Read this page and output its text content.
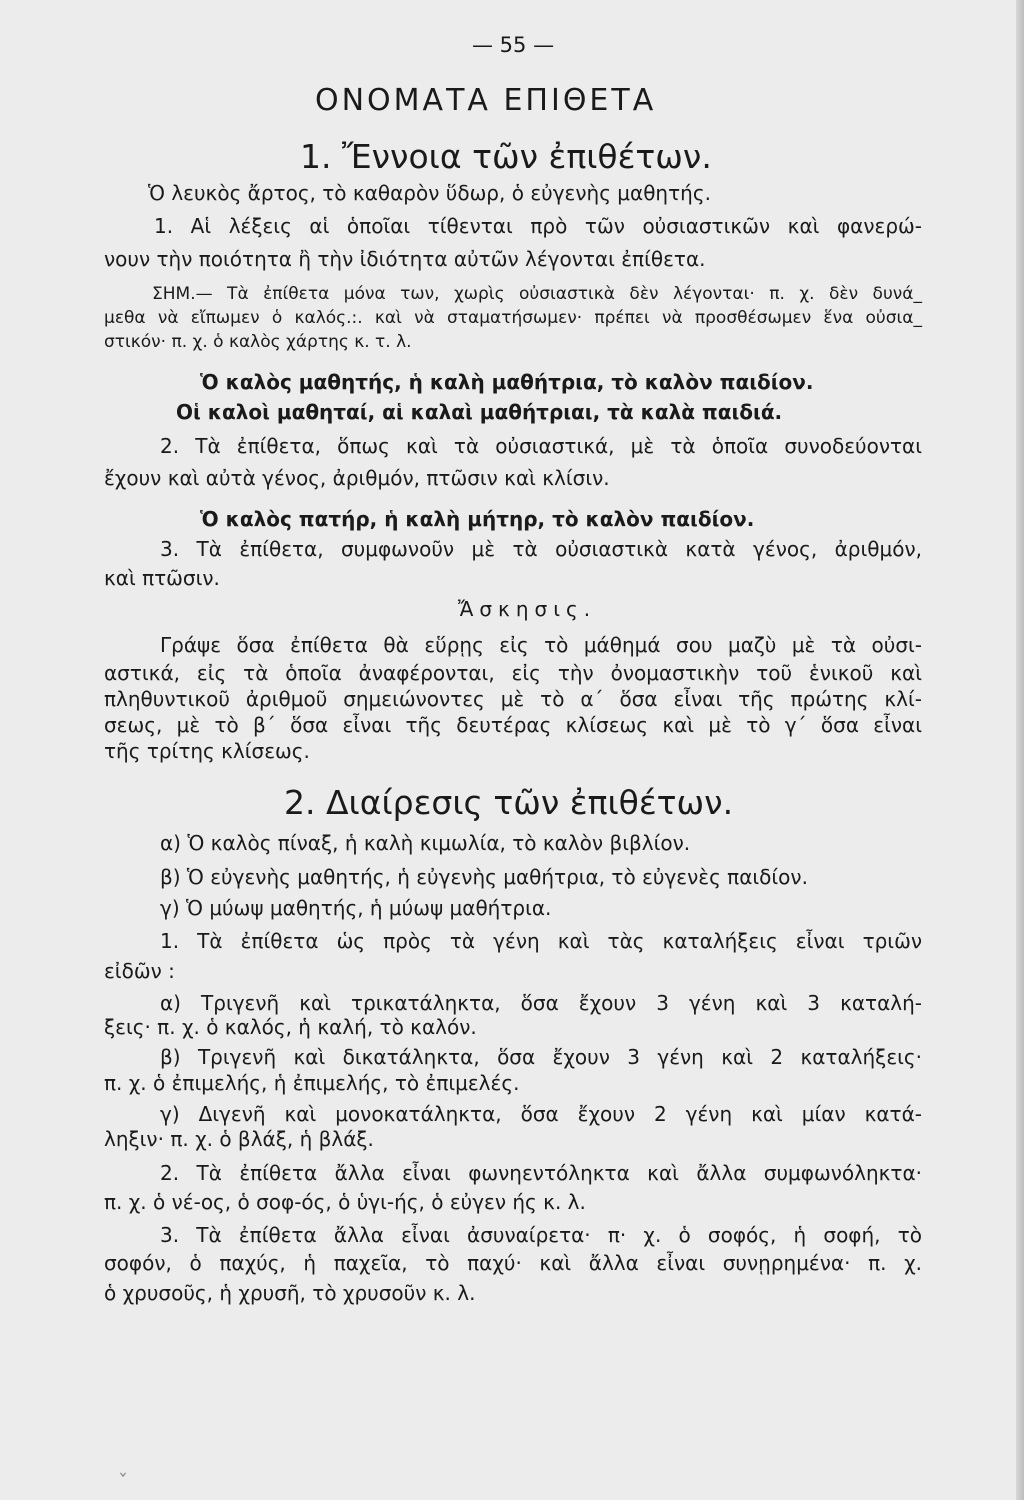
— 55 —
ΟΝΟΜΑΤΑ ΕΠΙΘΕΤΑ
1. Ἔννοια τῶν ἐπιθέτων.
Ὁ λευκὸς ἄρτος, τὸ καθαρὸν ὕδωρ, ὁ εὐγενὴς μαθητής.
1. Αἱ λέξεις αἱ ὁποῖαι τίθενται πρὸ τῶν οὐσιαστικῶν καὶ φανερώ-
νουν τὴν ποιότητα ἢ τὴν ἰδιότητα αὐτῶν λέγονται ἐπίθετα.
ΣΗΜ.— Τὰ ἐπίθετα μόνα των, χωρὶς οὐσιαστικὰ δὲν λέγονται· π. χ. δὲν δυνά_
μεθα νὰ εἴπωμεν ὁ καλός.:. καὶ νὰ σταματήσωμεν· πρέπει νὰ προσθέσωμεν ἕνα οὐσια_
στικόν· π. χ. ὁ καλὸς χάρτης κ. τ. λ.
Ὁ καλὸς μαθητής, ἡ καλὴ μαθήτρια, τὸ καλὸν παιδίον.
Οἱ καλοὶ μαθηταί, αἱ καλαὶ μαθήτριαι, τὰ καλὰ παιδιά.
2. Τὰ ἐπίθετα, ὅπως καὶ τὰ οὐσιαστικά, μὲ τὰ ὁποῖα συνοδεύονται
ἔχουν καὶ αὐτὰ γένος, ἀριθμόν, πτῶσιν καὶ κλίσιν.
Ὁ καλὸς πατήρ, ἡ καλὴ μήτηρ, τὸ καλὸν παιδίον.
3. Τὰ ἐπίθετα, συμφωνοῦν μὲ τὰ οὐσιαστικὰ κατὰ γένος, ἀριθμόν,
καὶ πτῶσιν.
Ἄσκησις.
Γράψε ὅσα ἐπίθετα θὰ εὕρῃς εἰς τὸ μάθημά σου μαζὺ μὲ τὰ οὐσι-
αστικά, εἰς τὰ ὁποῖα ἀναφέρονται, εἰς τὴν ὀνομαστικὴν τοῦ ἑνικοῦ καὶ
πληθυντικοῦ ἀριθμοῦ σημειώνοντες μὲ τὸ α΄ ὅσα εἶναι τῆς πρώτης κλί-
σεως, μὲ τὸ β΄ ὅσα εἶναι τῆς δευτέρας κλίσεως καὶ μὲ τὸ γ΄ ὅσα εἶναι
τῆς τρίτης κλίσεως.
2. Διαίρεσις τῶν ἐπιθέτων.
α) Ὁ καλὸς πίναξ, ἡ καλὴ κιμωλία, τὸ καλὸν βιβλίον.
β) Ὁ εὐγενὴς μαθητής, ἡ εὐγενὴς μαθήτρια, τὸ εὐγενὲς παιδίον.
γ) Ὁ μύωψ μαθητής, ἡ μύωψ μαθήτρια.
1. Τὰ ἐπίθετα ὡς πρὸς τὰ γένη καὶ τὰς καταλήξεις εἶναι τριῶν
εἰδῶν :
α) Τριγενῆ καὶ τρικατάληκτα, ὅσα ἔχουν 3 γένη καὶ 3 καταλή-
ξεις· π. χ. ὁ καλός, ἡ καλή, τὸ καλόν.
β) Τριγενῆ καὶ δικατάληκτα, ὅσα ἔχουν 3 γένη καὶ 2 καταλήξεις·
π. χ. ὁ ἐπιμελής, ἡ ἐπιμελής, τὸ ἐπιμελές.
γ) Διγενῆ καὶ μονοκατάληκτα, ὅσα ἔχουν 2 γένη καὶ μίαν κατά-
ληξιν· π. χ. ὁ βλάξ, ἡ βλάξ.
2. Τὰ ἐπίθετα ἄλλα εἶναι φωνηεντόληκτα καὶ ἄλλα συμφωνόληκτα·
π. χ. ὁ νέ-ος, ὁ σοφ-ός, ὁ ὑγι-ής, ὁ εὐγεν ής κ. λ.
3. Τὰ ἐπίθετα ἄλλα εἶναι ἀσυναίρετα· π· χ. ὁ σοφός, ἡ σοφή, τὸ
σοφόν, ὁ παχύς, ἡ παχεῖα, τὸ παχύ· καὶ ἄλλα εἶναι συνῃρημένα· π. χ.
ὁ χρυσοῦς, ἡ χρυσῆ, τὸ χρυσοῦν κ. λ.
ˇ
